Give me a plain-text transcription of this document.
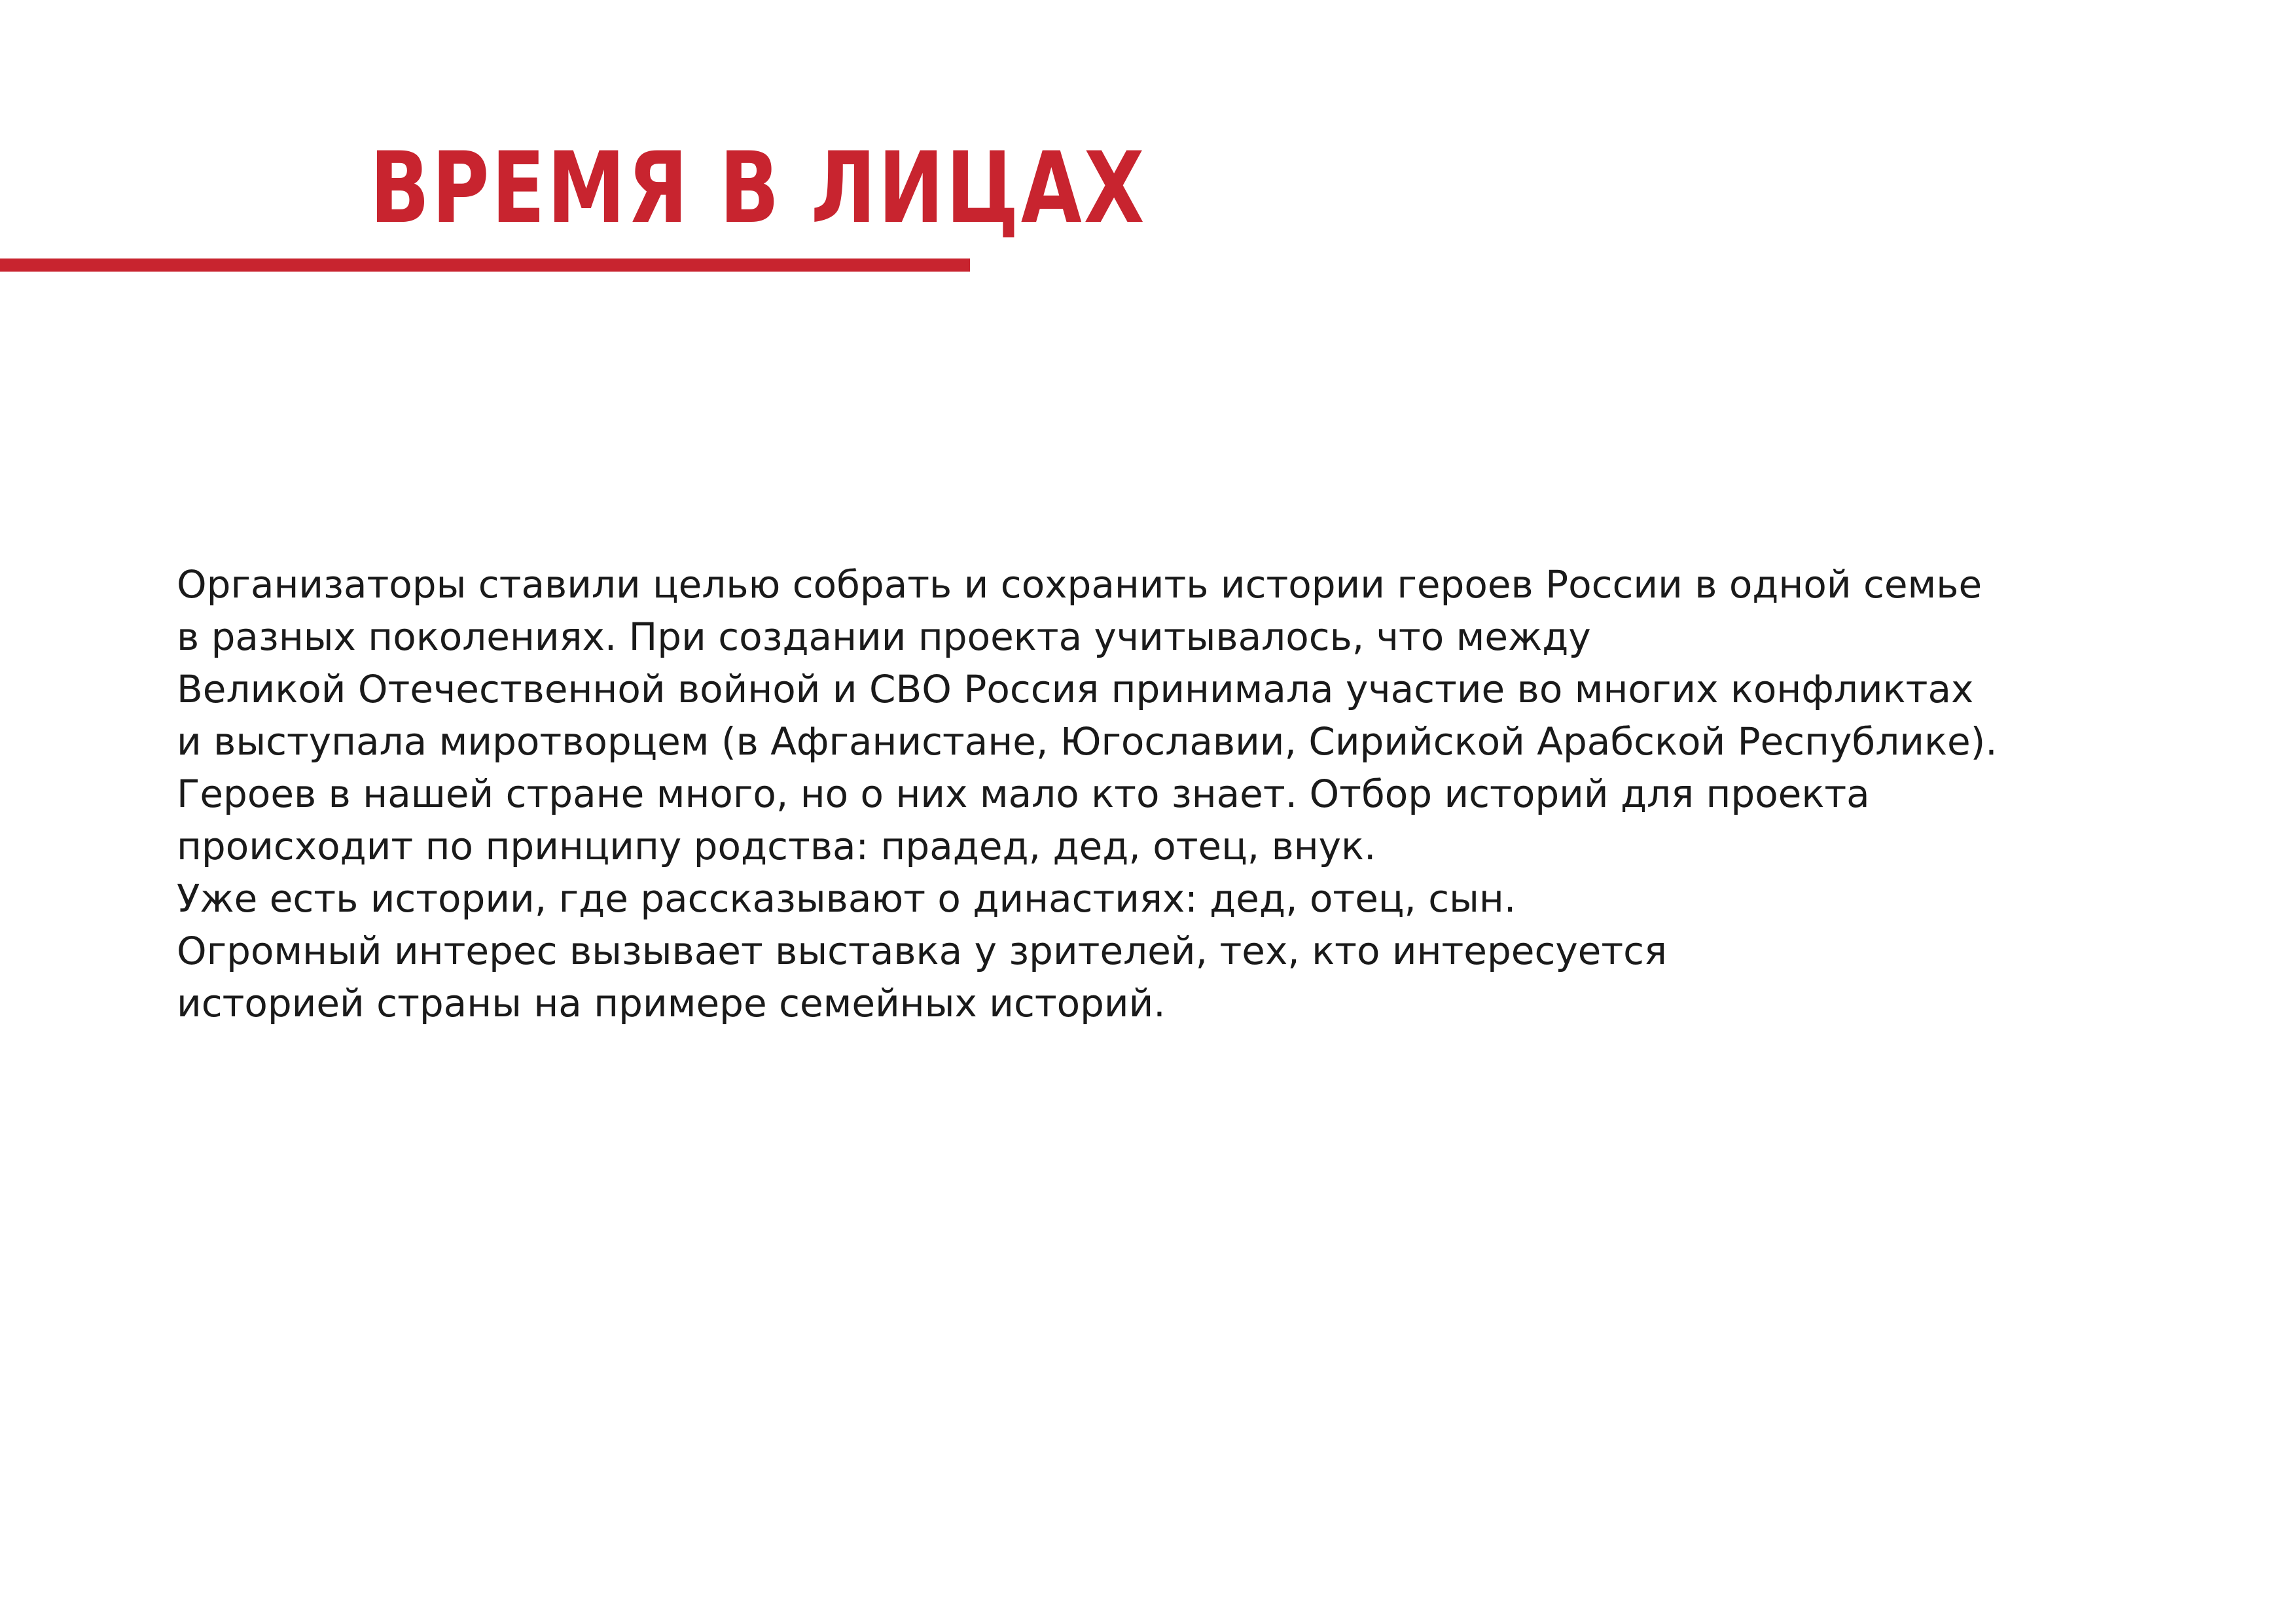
ВРЕМЯ В ЛИЦАХ
Организаторы ставили целью собрать и сохранить истории героев России в одной семье
в разных поколениях. При создании проекта учитывалось, что между
Великой Отечественной войной и СВО Россия принимала участие во многих конфликтах
и выступала миротворцем (в Афганистане, Югославии, Сирийской Арабской Республике).
Героев в нашей стране много, но о них мало кто знает. Отбор историй для проекта
происходит по принципу родства: прадед, дед, отец, внук.
Уже есть истории, где рассказывают о династиях: дед, отец, сын.
Огромный интерес вызывает выставка у зрителей, тех, кто интересуется
историей страны на примере семейных историй.
